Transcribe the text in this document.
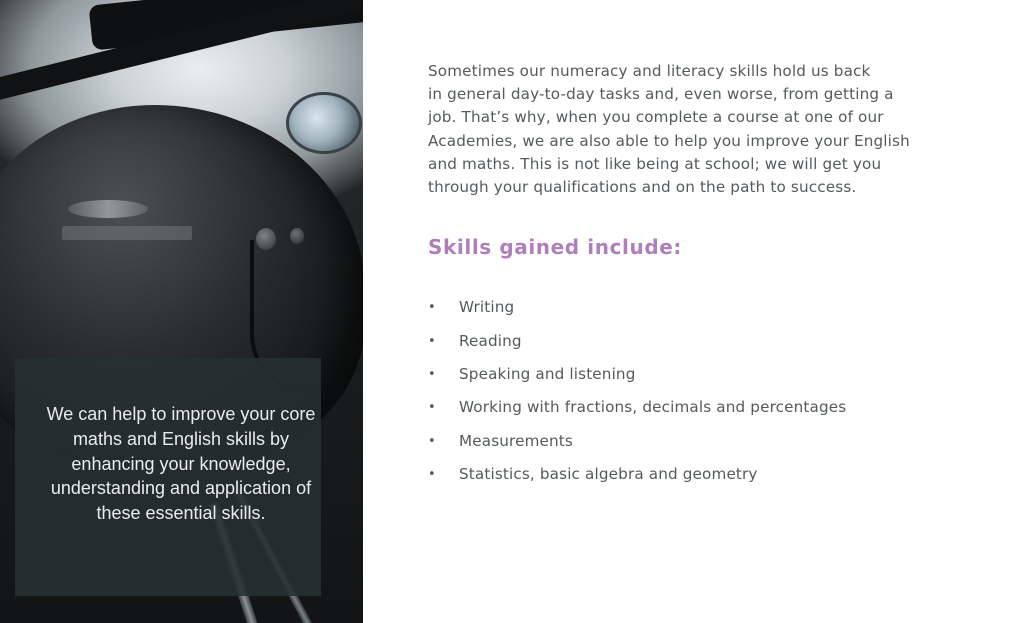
We can help to improve your core maths and English skills by enhancing your knowledge, understanding and application of these essential skills.

Sometimes our numeracy and literacy skills hold us back
in general day-to-day tasks and, even worse, from getting a
job. That’s why, when you complete a course at one of our
Academies, we are also able to help you improve your English
and maths. This is not like being at school; we will get you
through your qualifications and on the path to success.

Skills gained include:
• Writing
• Reading
• Speaking and listening
• Working with fractions, decimals and percentages
• Measurements
• Statistics, basic algebra and geometry
